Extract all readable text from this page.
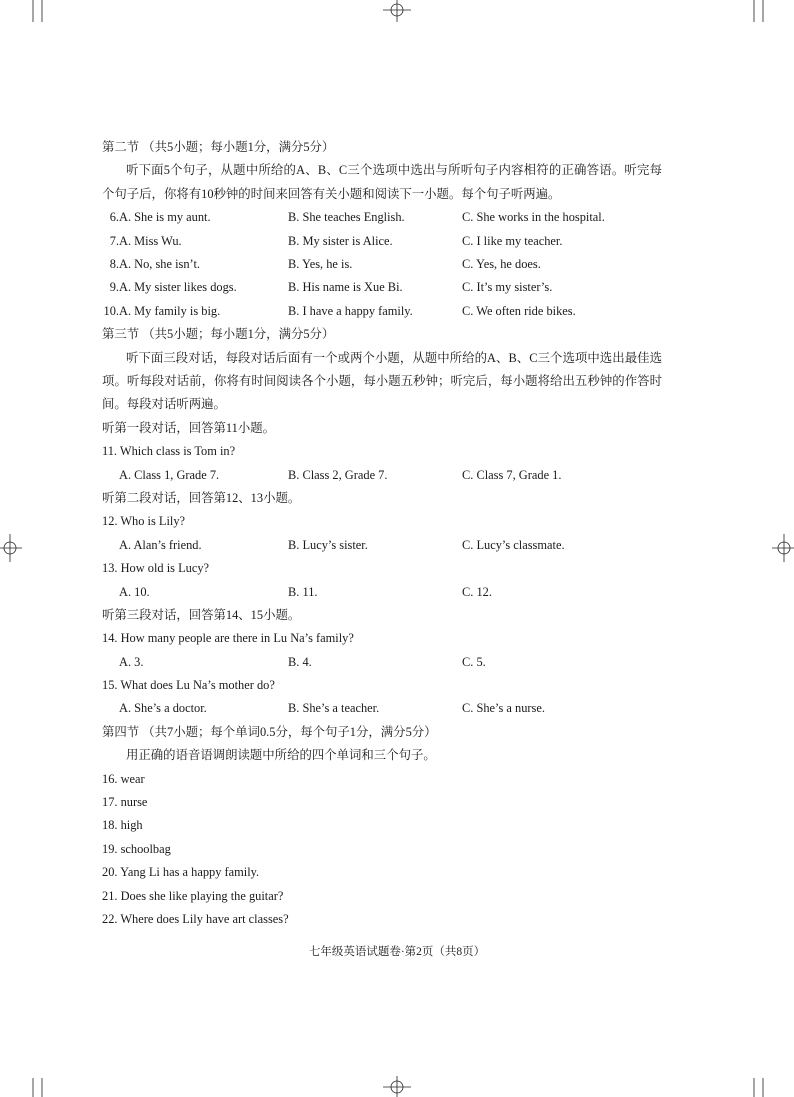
第二节 （共5小题；每小题1分，满分5分）
听下面5个句子，从题中所给的A、B、C三个选项中选出与所听句子内容相符的正确答语。听完每个句子后，你将有10秒钟的时间来回答有关小题和阅读下一小题。每个句子听两遍。
6. A. She is my aunt.	B. She teaches English.	C. She works in the hospital.
7. A. Miss Wu.	B. My sister is Alice.	C. I like my teacher.
8. A. No, she isn’t.	B. Yes, he is.	C. Yes, he does.
9. A. My sister likes dogs.	B. His name is Xue Bi.	C. It’s my sister’s.
10. A. My family is big.	B. I have a happy family.	C. We often ride bikes.
第三节 （共5小题；每小题1分，满分5分）
听下面三段对话，每段对话后面有一个或两个小题，从题中所给的A、B、C三个选项中选出最佳选项。听每段对话前，你将有时间阅读各个小题，每小题五秒钟；听完后，每小题将给出五秒钟的作答时间。每段对话听两遍。
听第一段对话，回答第11小题。
11. Which class is Tom in?
A. Class 1, Grade 7.	B. Class 2, Grade 7.	C. Class 7, Grade 1.
听第二段对话，回答第12、13小题。
12. Who is Lily?
A. Alan’s friend.	B. Lucy’s sister.	C. Lucy’s classmate.
13. How old is Lucy?
A. 10.	B. 11.	C. 12.
听第三段对话，回答第14、15小题。
14. How many people are there in Lu Na’s family?
A. 3.	B. 4.	C. 5.
15. What does Lu Na’s mother do?
A. She’s a doctor.	B. She’s a teacher.	C. She’s a nurse.
第四节 （共7小题；每个单词0.5分，每个句子1分，满分5分）
用正确的语音语调朗读题中所给的四个单词和三个句子。
16. wear
17. nurse
18. high
19. schoolbag
20. Yang Li has a happy family.
21. Does she like playing the guitar?
22. Where does Lily have art classes?
七年级英语试题卷·第2页（共8页）
